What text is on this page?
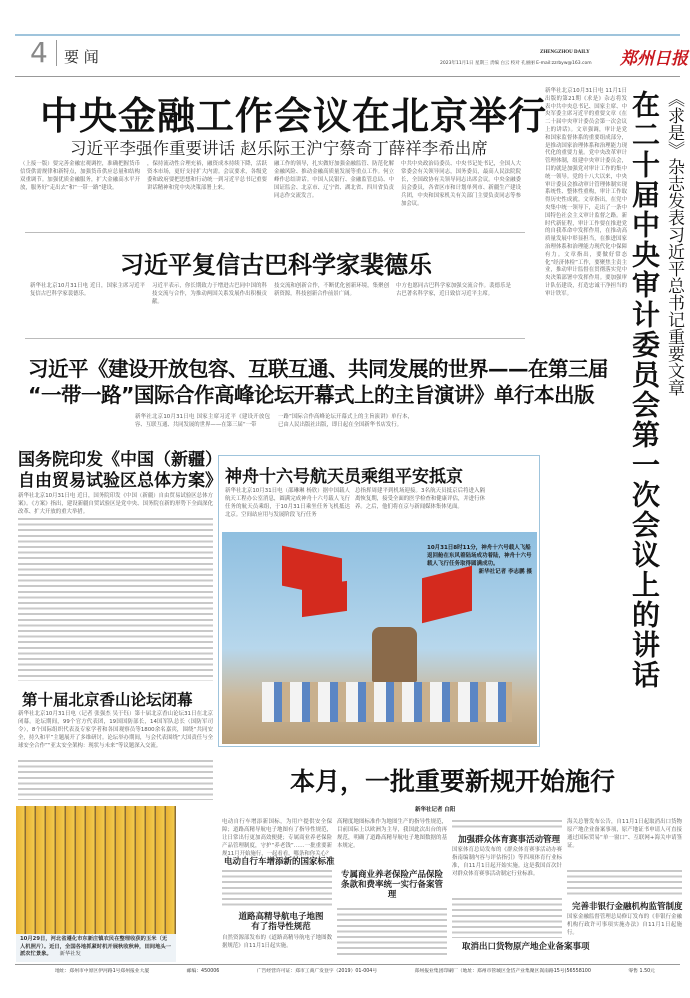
4 要 闻	ZHENGZHOU DAILY
2023年11月1日 星期三 责编 白云 校对 孔丽丽 E-mail:zzrbyw@163.com 郑州日报
中央金融工作会议在北京举行
习近平李强作重要讲话 赵乐际王沪宁蔡奇丁薛祥李希出席
（上接一版）要完善金融宏观调控，准确把握货币信贷供需规律和新特点，加强货币供应总量和结构双重调节。加强优质金融服务，扩大金融高水平开放，服务好“走出去”和“一带一路”建设。
，保持流动性合理充裕，融资成本持续下降，活跃资本市场，更好支持扩大内需。会议要求，各级党委和政府要把思想和行动统一到习近平总书记重要讲话精神和党中央决策部署上来。
融工作的领导，扎实做好加强金融监管、防范化解金融风险、推动金融高质量发展等重点工作。何立峰作总结讲话。中国人民银行、金融监管总局、中国证监会、北京市、辽宁省、湖北省、四川省负责同志作交流发言。
中共中央政治局委员、中央书记处书记，全国人大常委会有关领导同志，国务委员，最高人民法院院长，全国政协有关领导同志出席会议。中央金融委员会委员，各省区市和计划单列市、新疆生产建设兵团，中央和国家机关有关部门主要负责同志等参加会议。
习近平复信古巴科学家裴德乐
新华社北京10月31日电 近日，国家主席习近平复信古巴科学家裴德乐。
习近平表示，你长期致力于增进古巴同中国的科技交流与合作，为推动两国关系发展作出积极贡献。
技交流和创新合作，不断优化创新环境，集聚创新资源，科技创新合作前景广阔。
中方也愿同古巴科学家加强交流合作。裴德乐是古巴著名科学家，近日致信习近平主席。
习近平《建设开放包容、互联互通、共同发展的世界——在第三届
“一带一路”国际合作高峰论坛开幕式上的主旨演讲》单行本出版
新华社北京10月31日电 国家主席习近平《建设开放包容、互联互通、共同发展的世界——在第三届“一带
一路”国际合作高峰论坛开幕式上的主旨演讲》单行本，已由人民出版社出版，即日起在全国新华书店发行。
国务院印发《中国（新疆）
自由贸易试验区总体方案》
新华社北京10月31日电 近日，国务院印发《中国（新疆）自由贸易试验区总体方案》。《方案》指出，建设新疆自贸试验区是党中央、国务院在新的形势下全面深化改革、扩大开放的重大举措。
第十届北京香山论坛闭幕
新华社北京10月31日电（记者 张强杰 吴于钰）第十届北京香山论坛31日在北京闭幕。论坛期间，99个官方代表团，19国国防部长，14国军队总长（国防军司令），8个国际组织代表及专家学者和各国观察员等1800余名嘉宾，围绕“共同安全，持久和平”主题展开了多维研讨。论坛举办期间，与会代表围绕“大国责任与全球安全合作”“亚太安全架构：现状与未来”等议题深入交流。
10月29日，河北省遵化市东新庄镇农民在整理收获的玉米（无人机照片）。近日，全国各地抓紧时机开展秋收秋种，田间地头一派农忙景象。 新华社发
神舟十六号航天员乘组平安抵京
新华社北京10月31日电（邵琳琳 杨欣）据中国载人航天工程办公室消息，圆满完成神舟十六号载人飞行任务的航天员乘组，于10月31日乘坐任务飞机抵达北京。空间站应用与发展阶段飞行任务
总指挥周建平到机场迎接。3名航天员抵京后将进入隔离恢复期，接受全面的医学检查和健康评估，并进行休养。之后，他们将在京与新闻媒体集体见面。
10月31日8时11分，神舟十六号载人飞船返回舱在东风着陆场成功着陆，神舟十六号载人飞行任务取得圆满成功。

新华社记者 李志鹏 摄
本月，一批重要新规开始施行
新华社记者 白阳
电动自行车增添新国标，为用户提供安全保障；道路高精导航电子地图有了指导性规范，让日常出行更加高效便捷；专属商业养老保险产品管理制度，守护“养老钱”……一批重要新规11月开始施行，一起看看，哪条和你关心？
电动自行车增添新的国家标准
道路高精导航电子地图有了指导性规范
自然资源部发布的《道路高精导航电子地图数据规范》自11月1日起实施。
高精度地图标准作为地图生产的指导性规范，目前国际上以欧洲为主导，我国此次出台的再规范，明确了道路高精导航电子地图数据的基本规定。
专属商业养老保险产品保险条款和费率统一实行备案管理
加强群众体育赛事活动管理
国家体育总局发布的《群众体育赛事活动办赛指南编制内容与评估指引》等四项体育行业标准，自11月1日起开始实施。这是我国首次针对群众体育赛事活动制定行业标准。
取消出口货物原产地企业备案事项
海关总署发布公告，自11月1日起取消出口货物原产地企业备案事项，原产地证书申请人可直接通过国际贸易“单一窗口”、互联网+海关申请签证。
完善非银行金融机构监管制度
国家金融监督管理总局修订发布的《非银行金融机构行政许可事项实施办法》自11月1日起施行。
新华社北京10月31日电 11月1日出版的第21期《求是》杂志将发表中共中央总书记、国家主席、中央军委主席习近平的重要文章《在二十届中央审计委员会第一次会议上的讲话》。文章强调，审计是党和国家监督体系的重要组成部分，是推动国家治理体系和治理能力现代化的重要力量。党中央改革审计管理体制，组建中央审计委员会，目的就是加强党对审计工作的集中统一领导。党的十八大以来，中央审计委员会推动审计管理体制实现系统性、整体性重构，审计工作取得历史性成就。文章指出，在党中央集中统一领导下，走出了一条中国特色社会主义审计监督之路。新时代新征程，审计工作要在推进党的自我革命中发挥作用，在推动高质量发展中彰显担当，在推进国家治理体系和治理能力现代化中保障有力。文章指出，要做好常态化“经济体检”工作，要聚焦主责主业，推动审计监督在贯彻落实党中央决策部署中发挥作用。要加强审计队伍建设，打造忠诚干净担当的审计铁军。	在二十届中央审计委员会第一次会议上的讲话 《求是》杂志发表习近平总书记重要文章
地址：郑州市中原区伊河路1号郑州报业大厦	邮编：450006	广告经营许可证：郑市工商广发登字（2019）01-004号	郑州报业集团印刷厂（地址：郑州市管城区金岱产业集聚区嵩南路15号)56558100	零售 1.50元
